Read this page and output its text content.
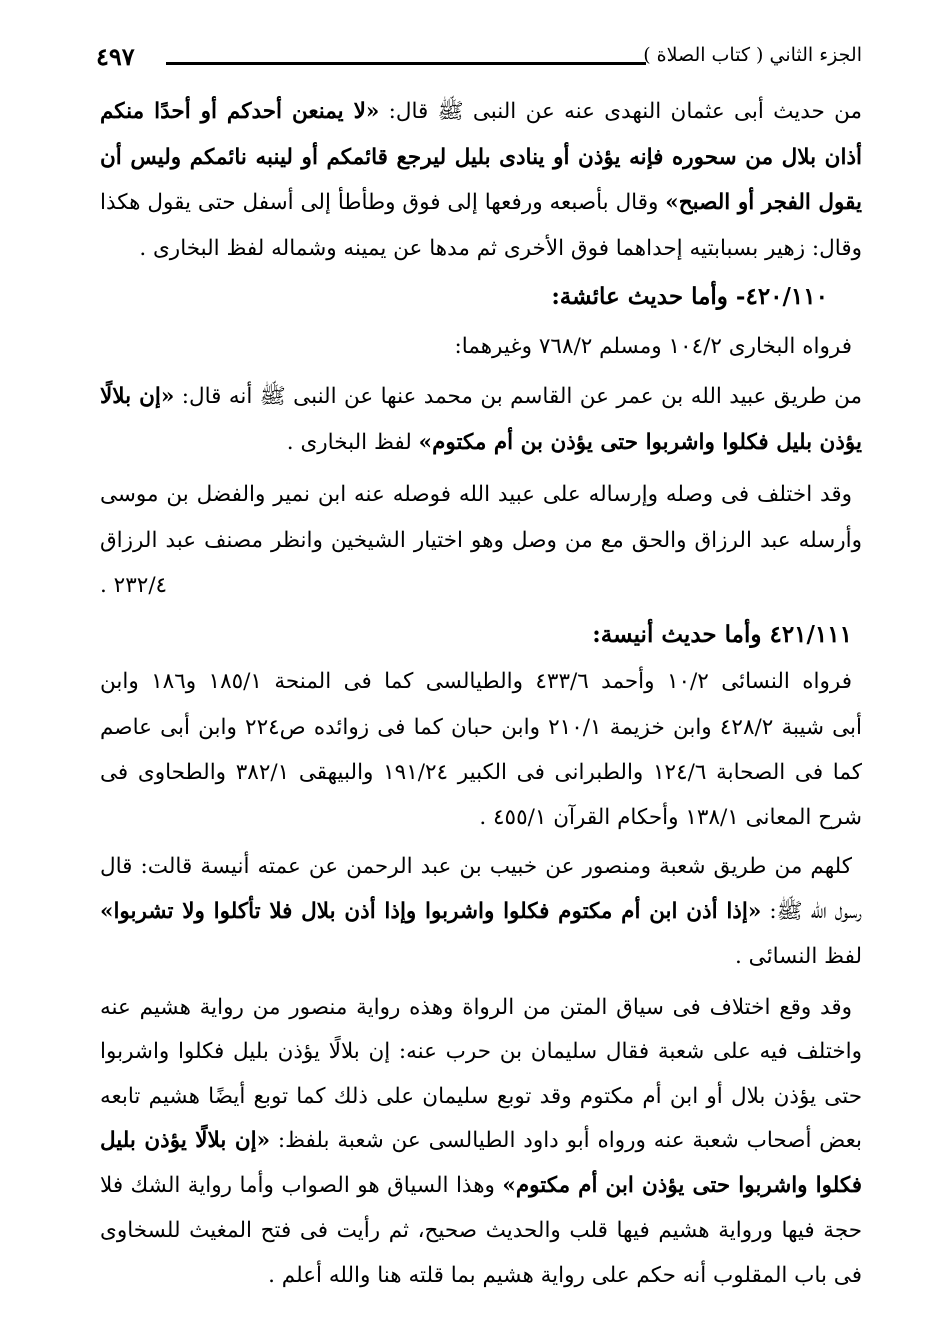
الجزء الثاني ( كتاب الصلاة )
٤٩٧
من حديث أبى عثمان النهدى عنه عن النبى ﷺ قال: «لا يمنعن أحدكم أو أحدًا منكم
أذان بلال من سحوره فإنه يؤذن أو ينادى بليل ليرجع قائمكم أو لينبه نائمكم وليس أن
يقول الفجر أو الصبح» وقال بأصبعه ورفعها إلى فوق وطأطأ إلى أسفل حتى يقول هكذا
وقال: زهير بسبابتيه إحداهما فوق الأخرى ثم مدها عن يمينه وشماله لفظ البخارى .
٤٢٠/١١٠- وأما حديث عائشة:
فرواه البخارى ١٠٤/٢ ومسلم ٧٦٨/٢ وغيرهما:
من طريق عبيد الله بن عمر عن القاسم بن محمد عنها عن النبى ﷺ أنه قال: «إن بلالًا
يؤذن بليل فكلوا واشربوا حتى يؤذن بن أم مكتوم» لفظ البخارى .
وقد اختلف فى وصله وإرساله على عبيد الله فوصله عنه ابن نمير والفضل بن موسى
وأرسله عبد الرزاق والحق مع من وصل وهو اختيار الشيخين وانظر مصنف عبد الرزاق
٢٣٢/٤ .
٤٢١/١١١ وأما حديث أنيسة:
فرواه النسائى ١٠/٢ وأحمد ٤٣٣/٦ والطيالسى كما فى المنحة ١٨٥/١ و١٨٦ وابن
أبى شيبة ٤٢٨/٢ وابن خزيمة ٢١٠/١ وابن حبان كما فى زوائده ص٢٢٤ وابن أبى عاصم
كما فى الصحابة ١٢٤/٦ والطبرانى فى الكبير ١٩١/٢٤ والبيهقى ٣٨٢/١ والطحاوى فى
شرح المعانى ١٣٨/١ وأحكام القرآن ٤٥٥/١ .
كلهم من طريق شعبة ومنصور عن خبيب بن عبد الرحمن عن عمته أنيسة قالت: قال
رسول الله ﷺ: «إذا أذن ابن أم مكتوم فكلوا واشربوا وإذا أذن بلال فلا تأكلوا ولا تشربوا»
لفظ النسائى .
وقد وقع اختلاف فى سياق المتن من الرواة وهذه رواية منصور من رواية هشيم عنه
واختلف فيه على شعبة فقال سليمان بن حرب عنه: إن بلالًا يؤذن بليل فكلوا واشربوا
حتى يؤذن بلال أو ابن أم مكتوم وقد توبع سليمان على ذلك كما توبع أيضًا هشيم تابعه
بعض أصحاب شعبة عنه ورواه أبو داود الطيالسى عن شعبة بلفظ: «إن بلالًا يؤذن بليل
فكلوا واشربوا حتى يؤذن ابن أم مكتوم» وهذا السياق هو الصواب وأما رواية الشك فلا
حجة فيها ورواية هشيم فيها قلب والحديث صحيح، ثم رأيت فى فتح المغيث للسخاوى
فى باب المقلوب أنه حكم على رواية هشيم بما قلته هنا والله أعلم .
